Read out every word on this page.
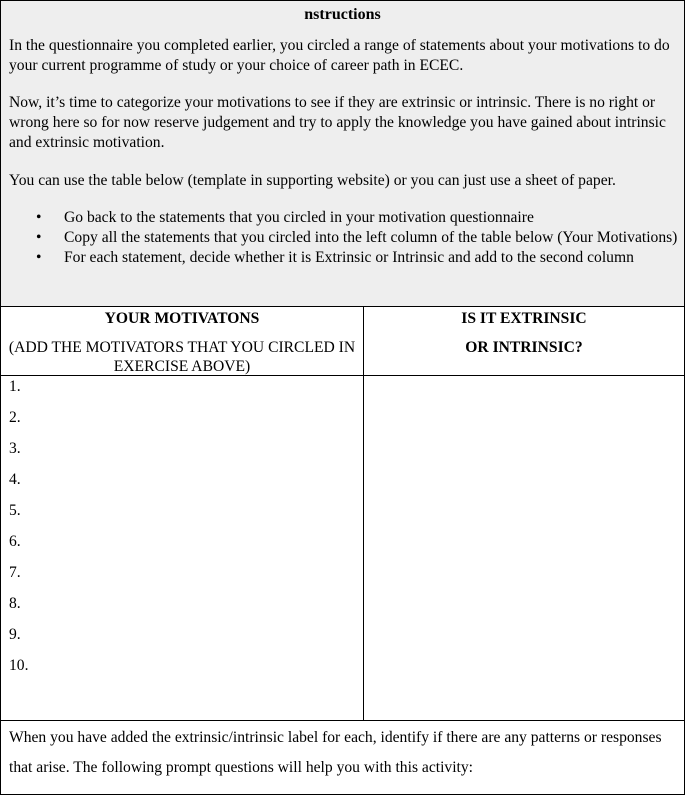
nstructions

In the questionnaire you completed earlier, you circled a range of statements about your motivations to do your current programme of study or your choice of career path in ECEC.

Now, it’s time to categorize your motivations to see if they are extrinsic or intrinsic. There is no right or wrong here so for now reserve judgement and try to apply the knowledge you have gained about intrinsic and extrinsic motivation.

You can use the table below (template in supporting website) or you can just use a sheet of paper.

• Go back to the statements that you circled in your motivation questionnaire
• Copy all the statements that you circled into the left column of the table below (Your Motivations)
• For each statement, decide whether it is Extrinsic or Intrinsic and add to the second column
YOUR MOTIVATONS
(ADD THE MOTIVATORS THAT YOU CIRCLED IN EXERCISE ABOVE)
IS IT EXTRINSIC
OR INTRINSIC?
1.
2.
3.
4.
5.
6.
7.
8.
9.
10.

When you have added the extrinsic/intrinsic label for each, identify if there are any patterns or responses that arise. The following prompt questions will help you with this activity:
